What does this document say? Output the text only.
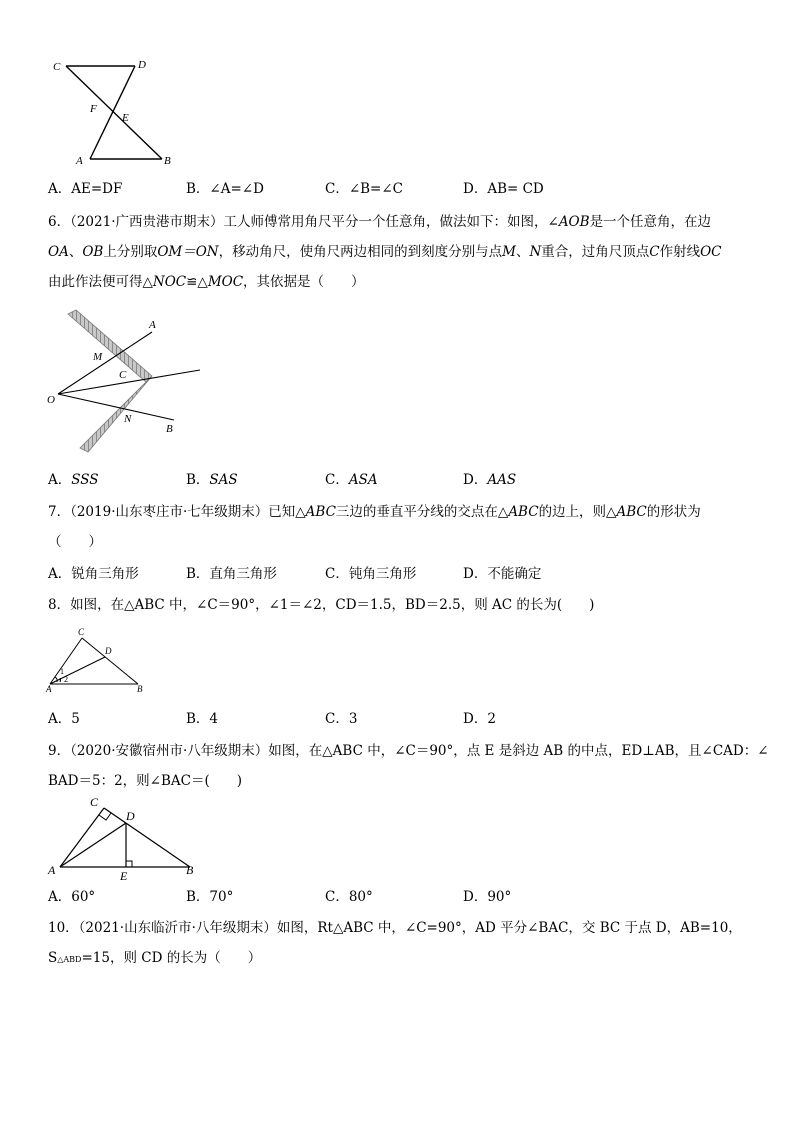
C	D
F
E
A	B
A．AE=DF	B．∠A=∠D	C．∠B=∠C	D．AB= CD
6．（2021·广西贵港市期末）工人师傅常用角尺平分一个任意角，做法如下：如图，∠AOB是一个任意角，在边
OA、OB上分别取OM＝ON，移动角尺，使角尺两边相同的到刻度分别与点M、N重合，过角尺顶点C作射线OC
由此作法便可得△NOC≌△MOC，其依据是（　　）
A
M
C
O
N
B
A．SSS	B．SAS	C．ASA	D．AAS
7．（2019·山东枣庄市·七年级期末）已知△ABC三边的垂直平分线的交点在△ABC的边上，则△ABC的形状为
（　　）
A．锐角三角形	B．直角三角形	C．钝角三角形	D．不能确定
8．如图，在△ABC 中，∠C＝90°，∠1＝∠2，CD＝1.5，BD＝2.5，则 AC 的长为(　　)
C
D
A	B
1
2
A．5	B．4	C．3	D．2
9．（2020·安徽宿州市·八年级期末）如图，在△ABC 中，∠C＝90°，点 E 是斜边 AB 的中点，ED⊥AB，且∠CAD：∠
BAD＝5：2，则∠BAC＝(　　)
C
D
A	E	B
A．60°	B．70°	C．80°	D．90°
10．（2021·山东临沂市·八年级期末）如图，Rt△ABC 中，∠C=90°，AD 平分∠BAC，交 BC 于点 D，AB=10，
S△ABD=15，则 CD 的长为（　　）
